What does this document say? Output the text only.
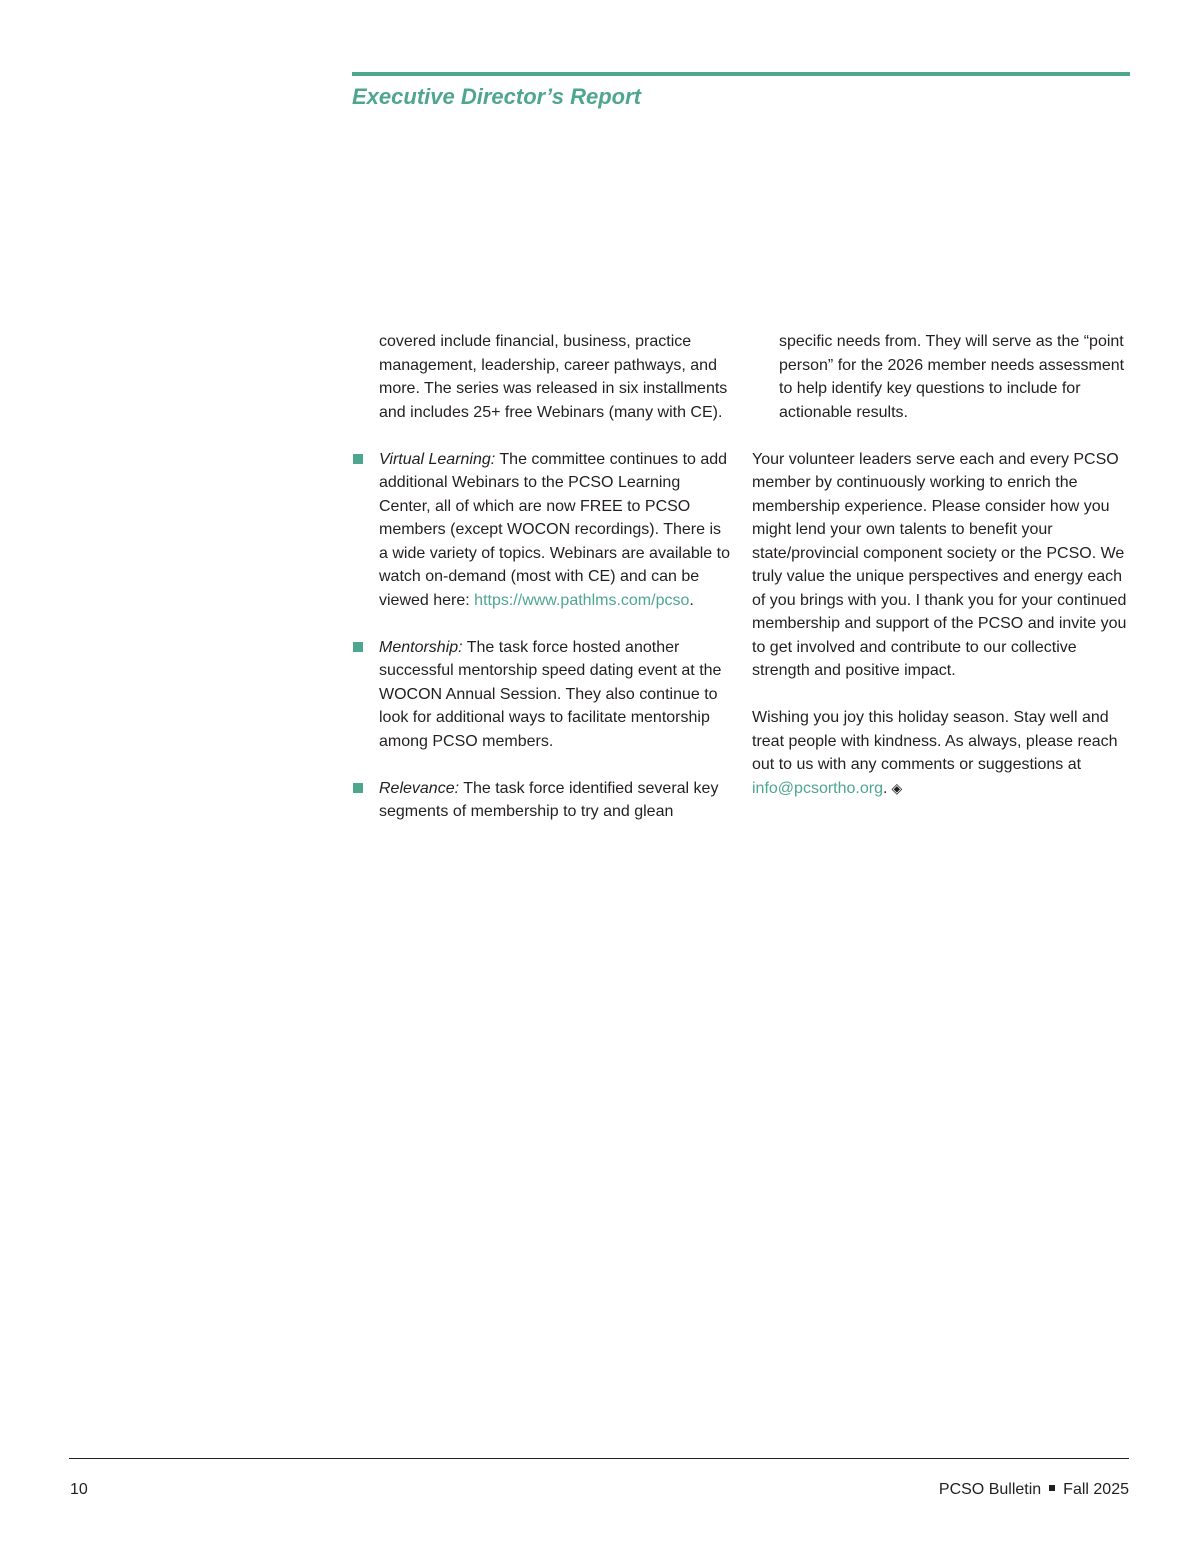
Executive Director’s Report

covered include financial, business, practice management, leadership, career pathways, and more. The series was released in six installments and includes 25+ free Webinars (many with CE).

Virtual Learning: The committee continues to add additional Webinars to the PCSO Learning Center, all of which are now FREE to PCSO members (except WOCON recordings). There is a wide variety of topics. Webinars are available to watch on-demand (most with CE) and can be viewed here: https://www.pathlms.com/pcso.
Mentorship: The task force hosted another successful mentorship speed dating event at the WOCON Annual Session. They also continue to look for additional ways to facilitate mentorship among PCSO members.
Relevance: The task force identified several key segments of membership to try and glean

specific needs from. They will serve as the “point person” for the 2026 member needs assessment to help identify key questions to include for actionable results.

Your volunteer leaders serve each and every PCSO member by continuously working to enrich the membership experience. Please consider how you might lend your own talents to benefit your state/provincial component society or the PCSO. We truly value the unique perspectives and energy each of you brings with you. I thank you for your continued membership and support of the PCSO and invite you to get involved and contribute to our collective strength and positive impact.

Wishing you joy this holiday season. Stay well and treat people with kindness. As always, please reach out to us with any comments or suggestions at info@pcsortho.org. ◈

10	PCSO Bulletin Fall 2025
